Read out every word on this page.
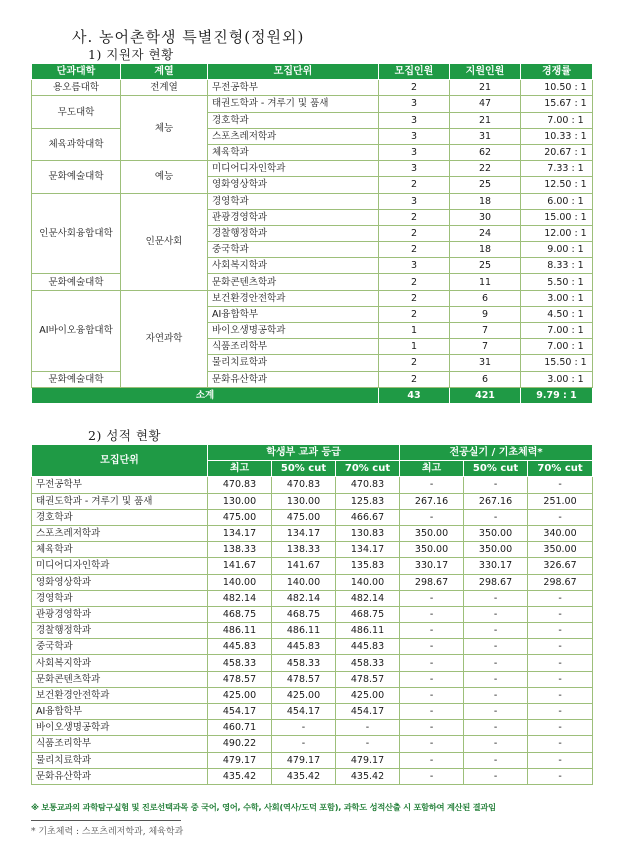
사. 농어촌학생 특별진형(정원외)
1) 지원자 현황
단과대학	계열	모집단위	모집인원	지원인원	경쟁률
용오름대학	전계열	무전공학부	2	21	10.50 : 1
무도대학	체능	태권도학과 - 겨루기 및 품새	3	47	15.67 : 1
		경호학과	3	21	7.00 : 1
체육과학대학		스포츠레저학과	3	31	10.33 : 1
		체육학과	3	62	20.67 : 1
문화예술대학	예능	미디어디자인학과	3	22	7.33 : 1
		영화영상학과	2	25	12.50 : 1
인문사회융합대학	인문사회	경영학과	3	18	6.00 : 1
		관광경영학과	2	30	15.00 : 1
		경찰행정학과	2	24	12.00 : 1
		중국학과	2	18	9.00 : 1
		사회복지학과	3	25	8.33 : 1
문화예술대학		문화콘텐츠학과	2	11	5.50 : 1
AI바이오융합대학	자연과학	보건환경안전학과	2	6	3.00 : 1
		AI융합학부	2	9	4.50 : 1
		바이오생명공학과	1	7	7.00 : 1
		식품조리학부	1	7	7.00 : 1
		물리치료학과	2	31	15.50 : 1
문화예술대학		문화유산학과	2	6	3.00 : 1
소계			43	421	9.79 : 1
2) 성적 현황
모집단위	학생부 교과 등급			전공실기 / 기초체력*		
	최고	50% cut	70% cut	최고	50% cut	70% cut
무전공학부	470.83	470.83	470.83	-	-	-
태권도학과 - 겨루기 및 품새	130.00	130.00	125.83	267.16	267.16	251.00
경호학과	475.00	475.00	466.67	-	-	-
스포츠레저학과	134.17	134.17	130.83	350.00	350.00	340.00
체육학과	138.33	138.33	134.17	350.00	350.00	350.00
미디어디자인학과	141.67	141.67	135.83	330.17	330.17	326.67
영화영상학과	140.00	140.00	140.00	298.67	298.67	298.67
경영학과	482.14	482.14	482.14	-	-	-
관광경영학과	468.75	468.75	468.75	-	-	-
경찰행정학과	486.11	486.11	486.11	-	-	-
중국학과	445.83	445.83	445.83	-	-	-
사회복지학과	458.33	458.33	458.33	-	-	-
문화콘텐츠학과	478.57	478.57	478.57	-	-	-
보건환경안전학과	425.00	425.00	425.00	-	-	-
AI융합학부	454.17	454.17	454.17	-	-	-
바이오생명공학과	460.71	-	-	-	-	-
식품조리학부	490.22	-	-	-	-	-
물리치료학과	479.17	479.17	479.17	-	-	-
문화유산학과	435.42	435.42	435.42	-	-	-
※ 보통교과의 과학탐구실험 및 진로선택과목 중 국어, 영어, 수학, 사회(역사/도덕 포함), 과학도 성적산출 시 포함하여 계산된 결과임
* 기초체력 : 스포츠레저학과, 체육학과
